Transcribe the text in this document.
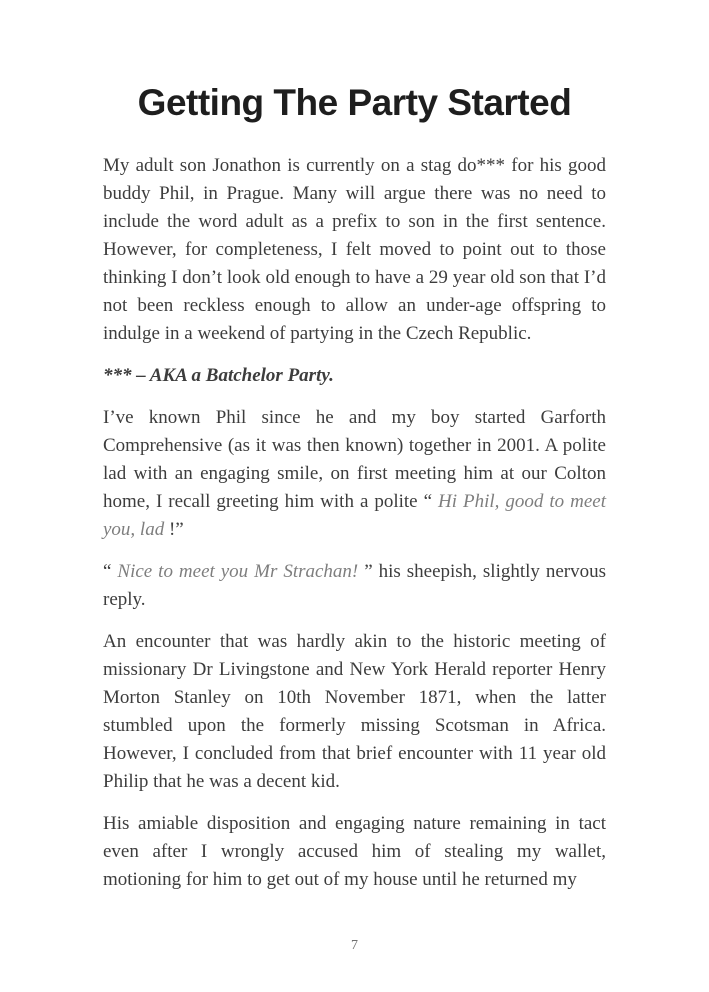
Getting The Party Started

My adult son Jonathon is currently on a stag do*** for his good buddy Phil, in Prague. Many will argue there was no need to include the word adult as a prefix to son in the first sentence. However, for completeness, I felt moved to point out to those thinking I don’t look old enough to have a 29 year old son that I’d not been reckless enough to allow an under-age offspring to indulge in a weekend of partying in the Czech Republic.

*** – AKA a Batchelor Party.

I’ve known Phil since he and my boy started Garforth Comprehensive (as it was then known) together in 2001. A polite lad with an engaging smile, on first meeting him at our Colton home, I recall greeting him with a polite “ Hi Phil, good to meet you, lad !”

“ Nice to meet you Mr Strachan! ” his sheepish, slightly nervous reply.

An encounter that was hardly akin to the historic meeting of missionary Dr Livingstone and New York Herald reporter Henry Morton Stanley on 10th November 1871, when the latter stumbled upon the formerly missing Scotsman in Africa. However, I concluded from that brief encounter with 11 year old Philip that he was a decent kid.

His amiable disposition and engaging nature remaining in tact even after I wrongly accused him of stealing my wallet, motioning for him to get out of my house until he returned my

7
